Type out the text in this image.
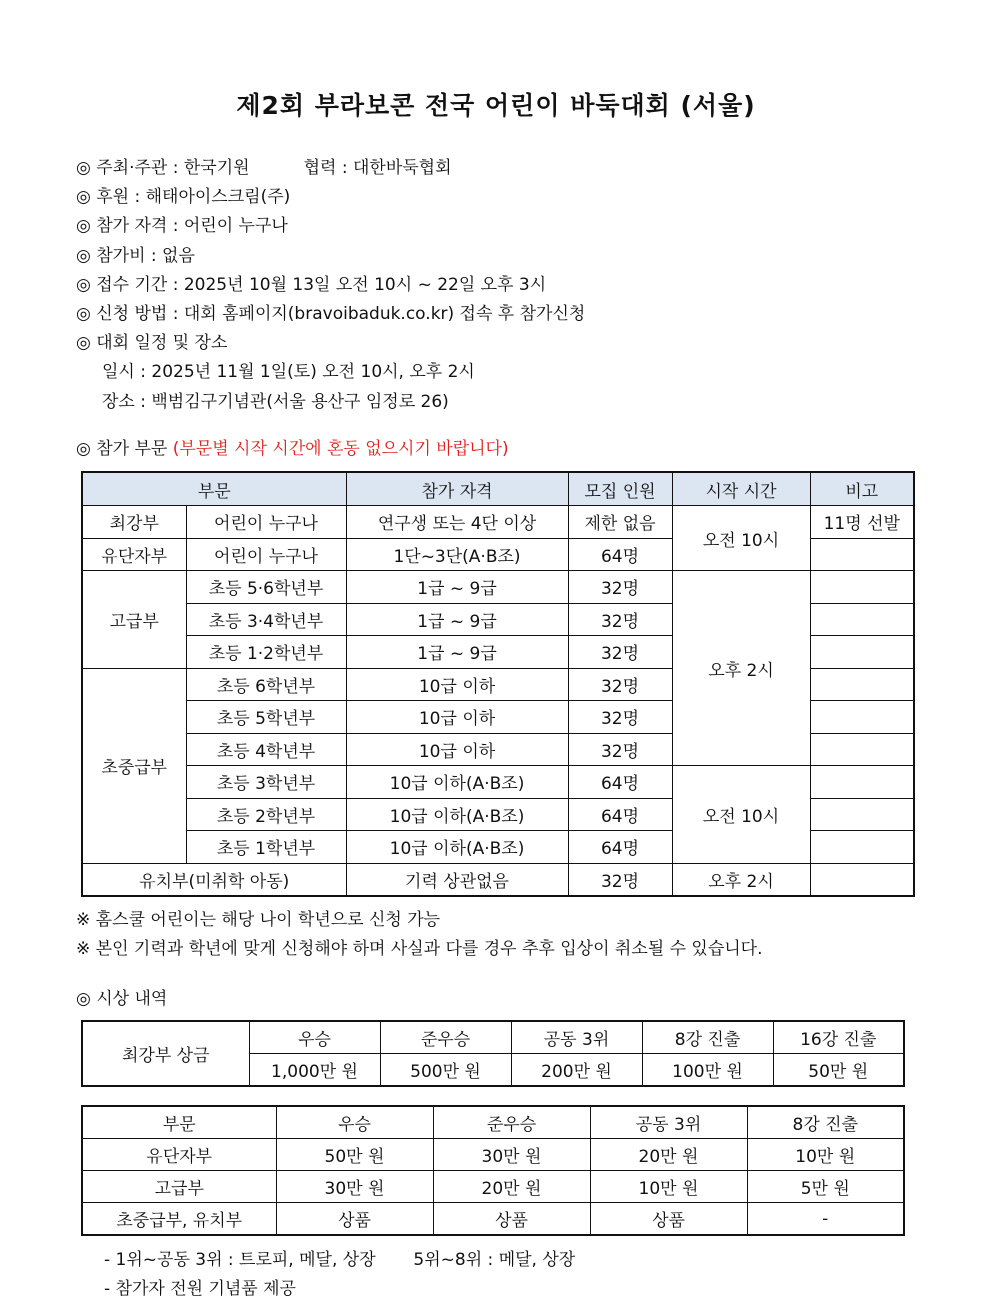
제2회 부라보콘 전국 어린이 바둑대회 (서울)
◎ 주최·주관 : 한국기원          협력 : 대한바둑협회
◎ 후원 : 해태아이스크림(주)
◎ 참가 자격 : 어린이 누구나
◎ 참가비 : 없음
◎ 접수 기간 : 2025년 10월 13일 오전 10시 ~ 22일 오후 3시
◎ 신청 방법 : 대회 홈페이지(bravoibaduk.co.kr) 접속 후 참가신청
◎ 대회 일정 및 장소
일시 : 2025년 11월 1일(토) 오전 10시, 오후 2시
장소 : 백범김구기념관(서울 용산구 임정로 26)
◎ 참가 부문 (부문별 시작 시간에 혼동 없으시기 바랍니다)
부문		참가 자격	모집 인원	시작 시간	비고
최강부	어린이 누구나	연구생 또는 4단 이상	제한 없음	오전 10시	11명 선발
유단자부	어린이 누구나	1단~3단(A·B조)	64명		
고급부	초등 5·6학년부	1급 ~ 9급	32명	오후 2시	
	초등 3·4학년부	1급 ~ 9급	32명		
	초등 1·2학년부	1급 ~ 9급	32명		
초중급부	초등 6학년부	10급 이하	32명		
	초등 5학년부	10급 이하	32명		
	초등 4학년부	10급 이하	32명		
	초등 3학년부	10급 이하(A·B조)	64명	오전 10시	
	초등 2학년부	10급 이하(A·B조)	64명		
	초등 1학년부	10급 이하(A·B조)	64명		
유치부(미취학 아동)		기력 상관없음	32명	오후 2시	
※ 홈스쿨 어린이는 해당 나이 학년으로 신청 가능
※ 본인 기력과 학년에 맞게 신청해야 하며 사실과 다를 경우 추후 입상이 취소될 수 있습니다.
◎ 시상 내역
최강부 상금	우승	준우승	공동 3위	8강 진출	16강 진출
	1,000만 원	500만 원	200만 원	100만 원	50만 원
부문	우승	준우승	공동 3위	8강 진출
유단자부	50만 원	30만 원	20만 원	10만 원
고급부	30만 원	20만 원	10만 원	5만 원
초중급부, 유치부	상품	상품	상품	-
- 1위~공동 3위 : 트로피, 메달, 상장       5위~8위 : 메달, 상장
- 참가자 전원 기념품 제공
